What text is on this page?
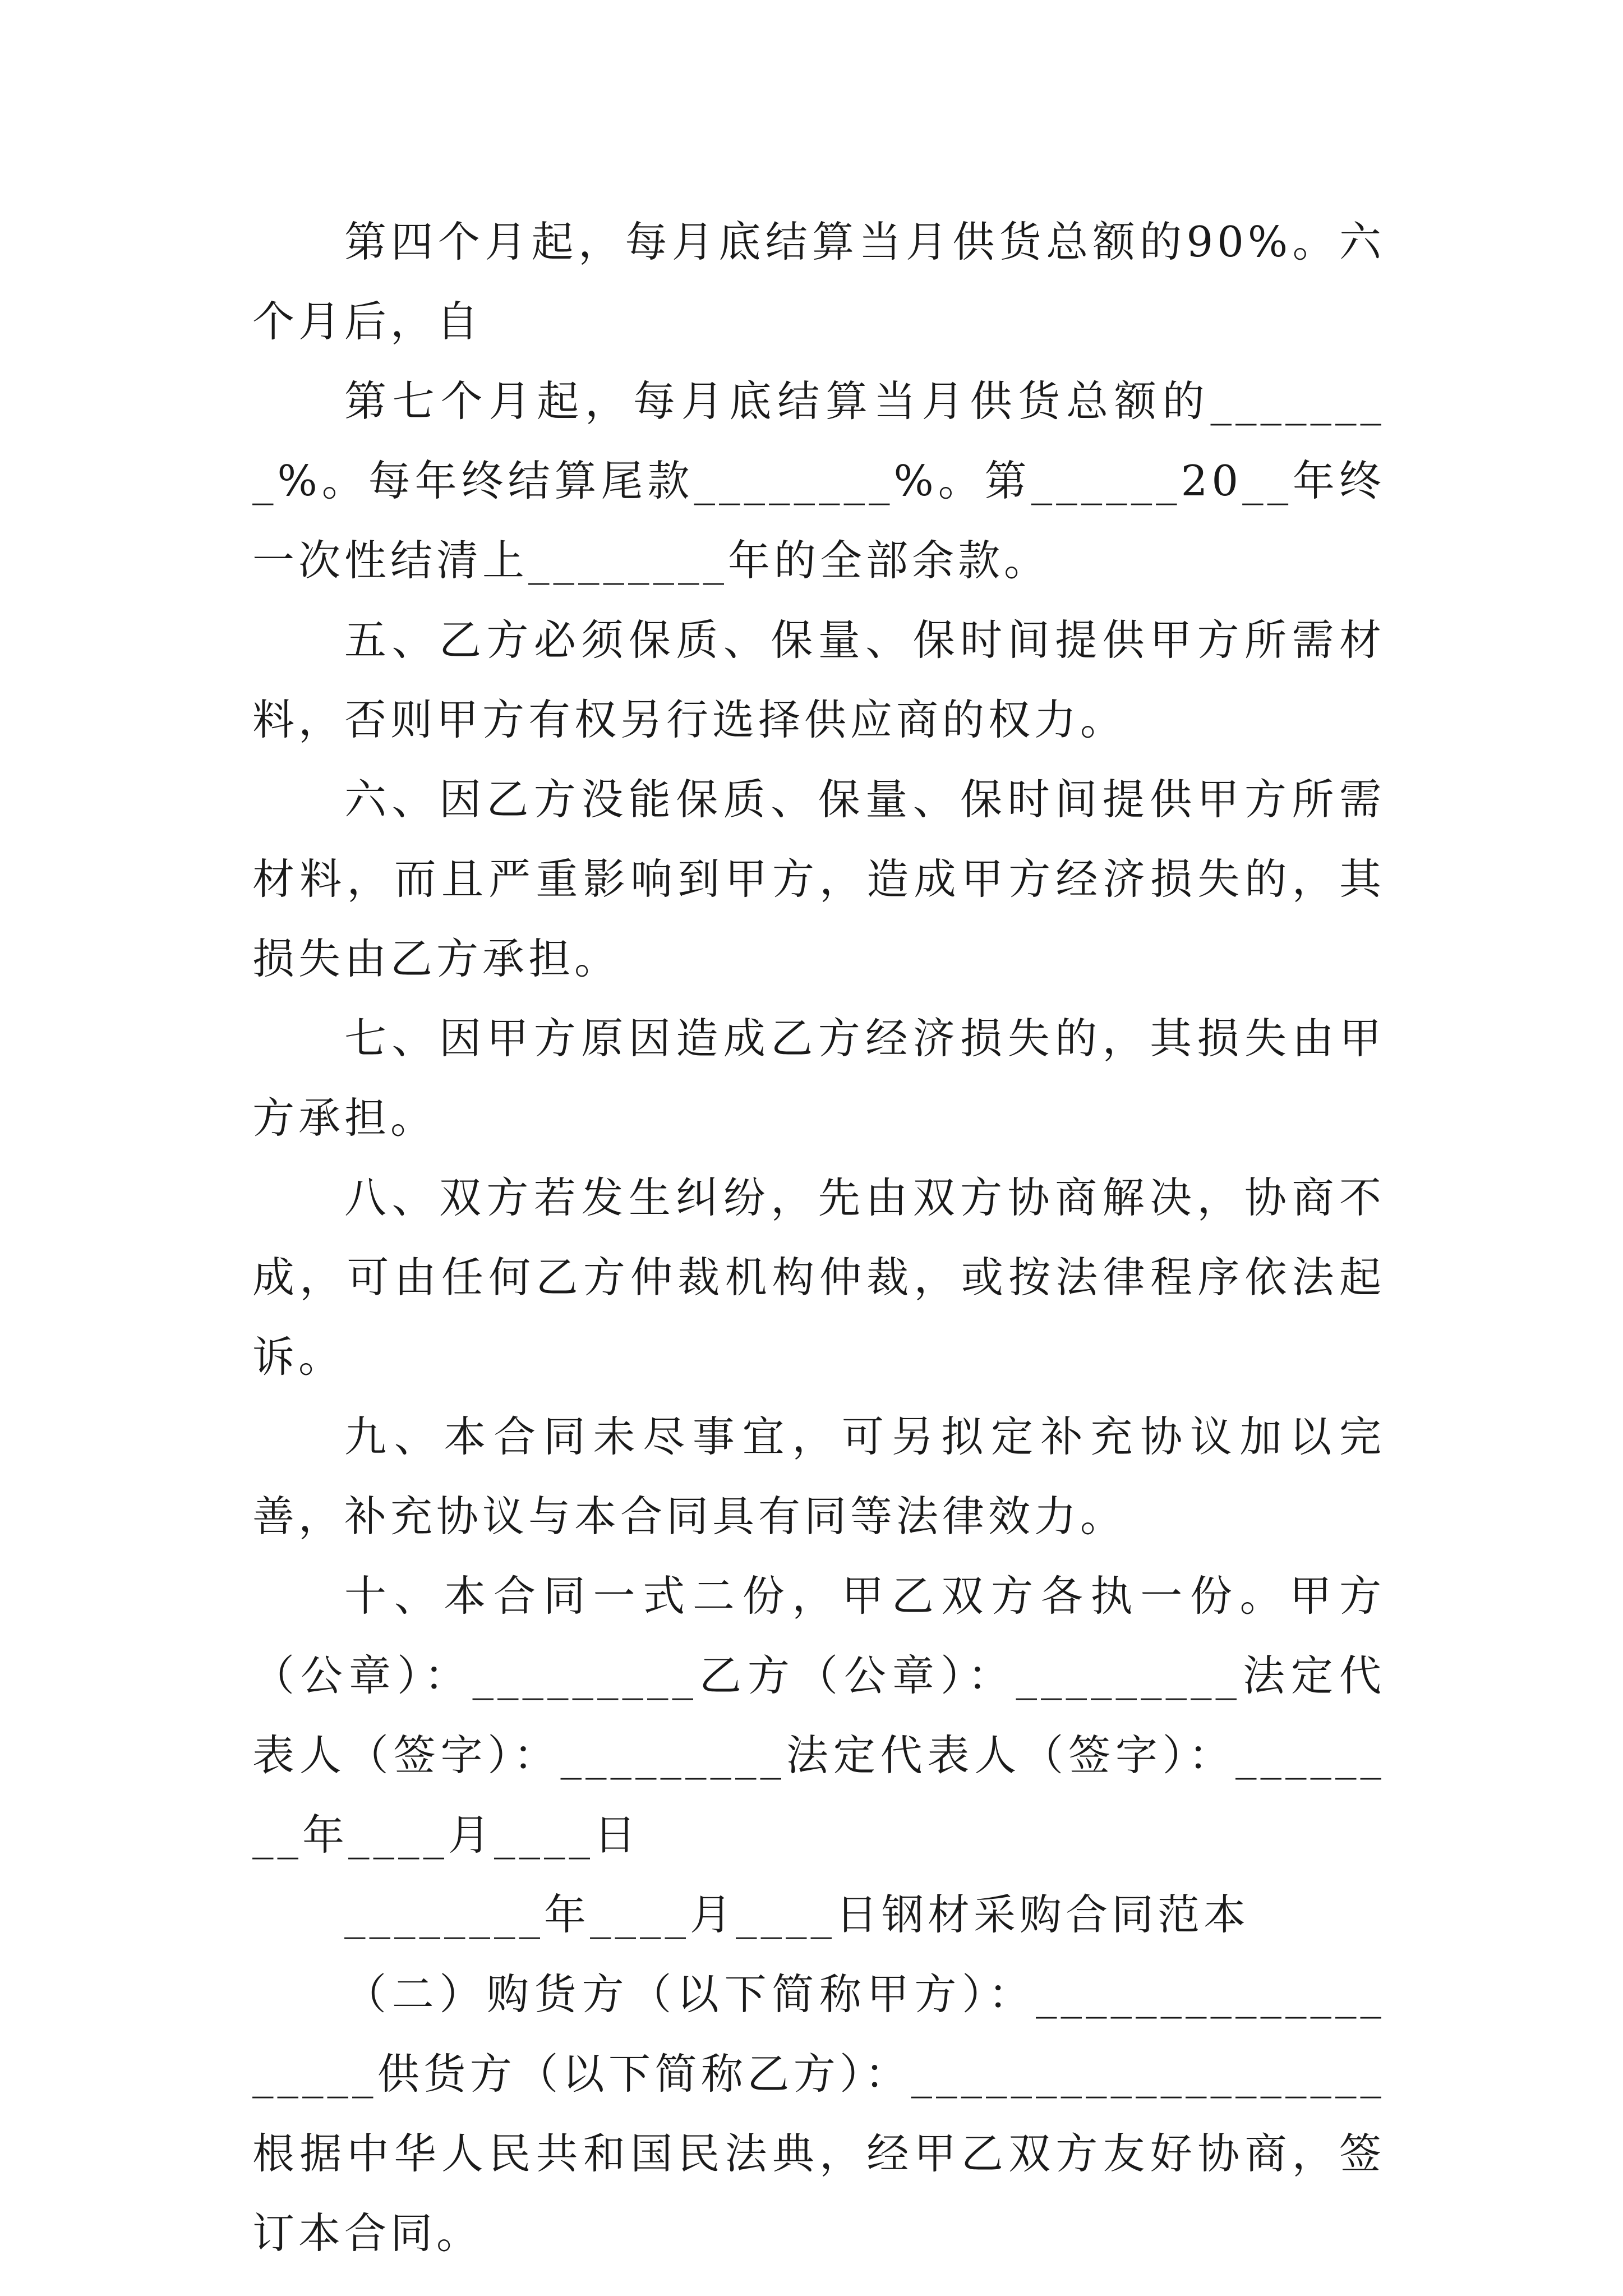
第四个月起，每月底结算当月供货总额的90%。六个月后，自

第七个月起，每月底结算当月供货总额的________%。每年终结算尾款________%。第______20__年终一次性结清上________年的全部余款。

五、乙方必须保质、保量、保时间提供甲方所需材料，否则甲方有权另行选择供应商的权力。

六、因乙方没能保质、保量、保时间提供甲方所需材料，而且严重影响到甲方，造成甲方经济损失的，其损失由乙方承担。

七、因甲方原因造成乙方经济损失的，其损失由甲方承担。

八、双方若发生纠纷，先由双方协商解决，协商不成，可由任何乙方仲裁机构仲裁，或按法律程序依法起诉。

九、本合同未尽事宜，可另拟定补充协议加以完善，补充协议与本合同具有同等法律效力。

十、本合同一式二份，甲乙双方各执一份。甲方（公章）：_________乙方（公章）：_________法定代表人（签字）：_________法定代表人（签字）：________年____月____日

________年____月____日钢材采购合同范本

（二）购货方（以下简称甲方）：___________________供货方（以下简称乙方）：___________________根据中华人民共和国民法典，经甲乙双方友好协商，签订本合同。
